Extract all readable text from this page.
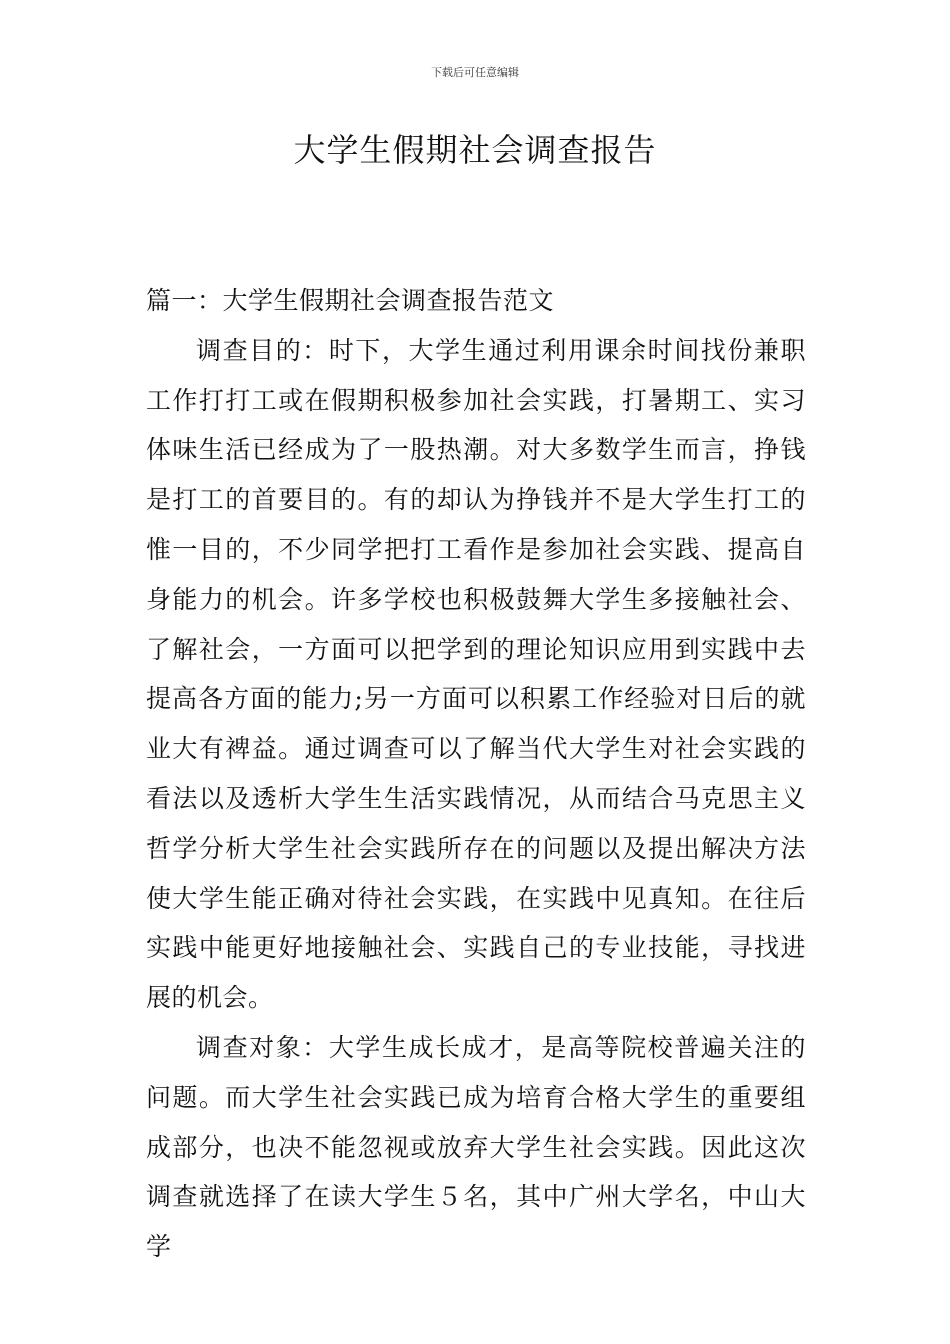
下载后可任意编辑
大学生假期社会调查报告

篇一：大学生假期社会调查报告范文

调查目的：时下，大学生通过利用课余时间找份兼职工作打打工或在假期积极参加社会实践，打暑期工、实习体味生活已经成为了一股热潮。对大多数学生而言，挣钱是打工的首要目的。有的却认为挣钱并不是大学生打工的惟一目的，不少同学把打工看作是参加社会实践、提高自身能力的机会。许多学校也积极鼓舞大学生多接触社会、了解社会，一方面可以把学到的理论知识应用到实践中去提高各方面的能力;另一方面可以积累工作经验对日后的就业大有裨益。通过调查可以了解当代大学生对社会实践的看法以及透析大学生生活实践情况，从而结合马克思主义哲学分析大学生社会实践所存在的问题以及提出解决方法使大学生能正确对待社会实践，在实践中见真知。在往后实践中能更好地接触社会、实践自己的专业技能，寻找进展的机会。

调查对象：大学生成长成才，是高等院校普遍关注的问题。而大学生社会实践已成为培育合格大学生的重要组成部分，也决不能忽视或放弃大学生社会实践。因此这次调查就选择了在读大学生５名，其中广州大学名，中山大学
